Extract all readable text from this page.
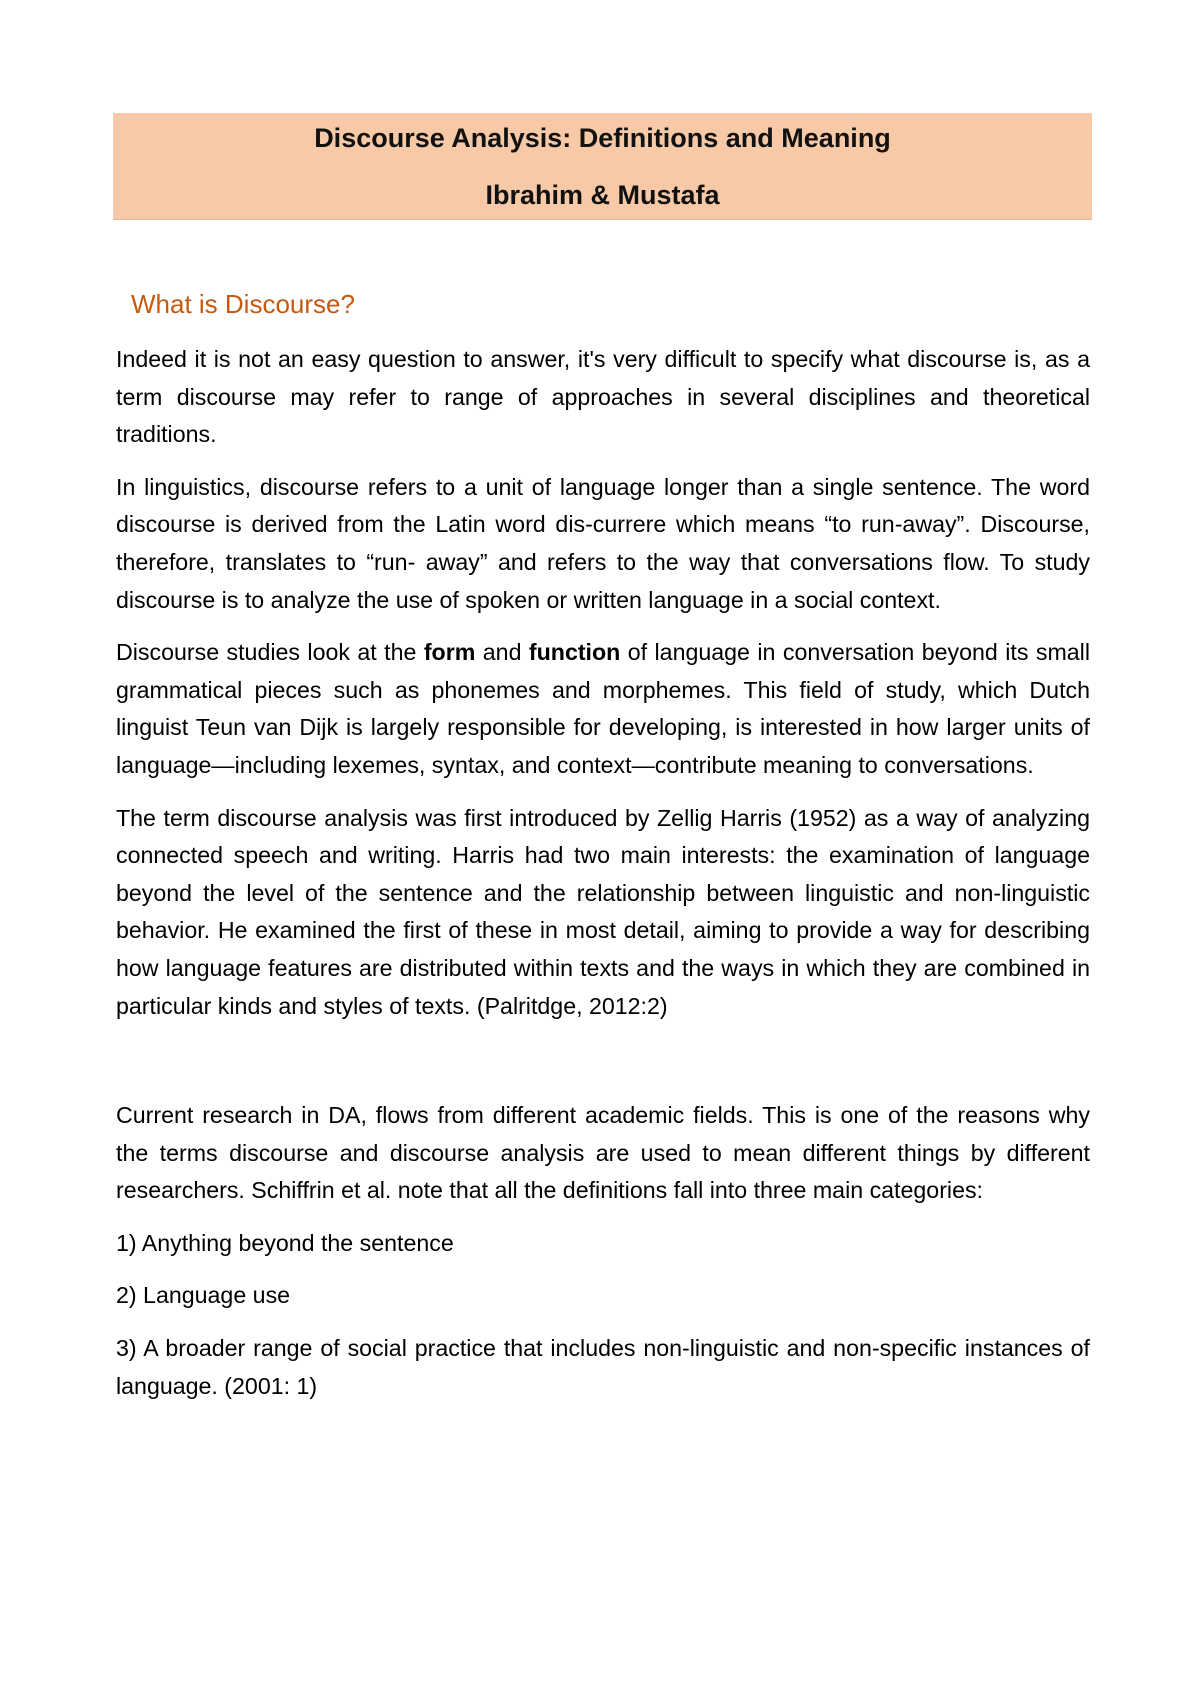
Discourse Analysis: Definitions and Meaning
Ibrahim & Mustafa
What is Discourse?

Indeed it is not an easy question to answer, it's very difficult to specify what discourse is, as a term discourse may refer to range of approaches in several disciplines and theoretical traditions.

In linguistics, discourse refers to a unit of language longer than a single sentence. The word discourse is derived from the Latin word dis-currere which means “to run-away”. Discourse, therefore, translates to “run- away” and refers to the way that conversations flow. To study discourse is to analyze the use of spoken or written language in a social context.

Discourse studies look at the form and function of language in conversation beyond its small grammatical pieces such as phonemes and morphemes. This field of study, which Dutch linguist Teun van Dijk is largely responsible for developing, is interested in how larger units of language—including lexemes, syntax, and context—contribute meaning to conversations.

The term discourse analysis was first introduced by Zellig Harris (1952) as a way of analyzing connected speech and writing. Harris had two main interests: the examination of language beyond the level of the sentence and the relationship between linguistic and non-linguistic behavior. He examined the first of these in most detail, aiming to provide a way for describing how language features are distributed within texts and the ways in which they are combined in particular kinds and styles of texts. (Palritdge, 2012:2)

Current research in DA, flows from different academic fields. This is one of the reasons why the terms discourse and discourse analysis are used to mean different things by different researchers. Schiffrin et al. note that all the definitions fall into three main categories:

1) Anything beyond the sentence

2) Language use

3) A broader range of social practice that includes non-linguistic and non-specific instances of language. (2001: 1)
